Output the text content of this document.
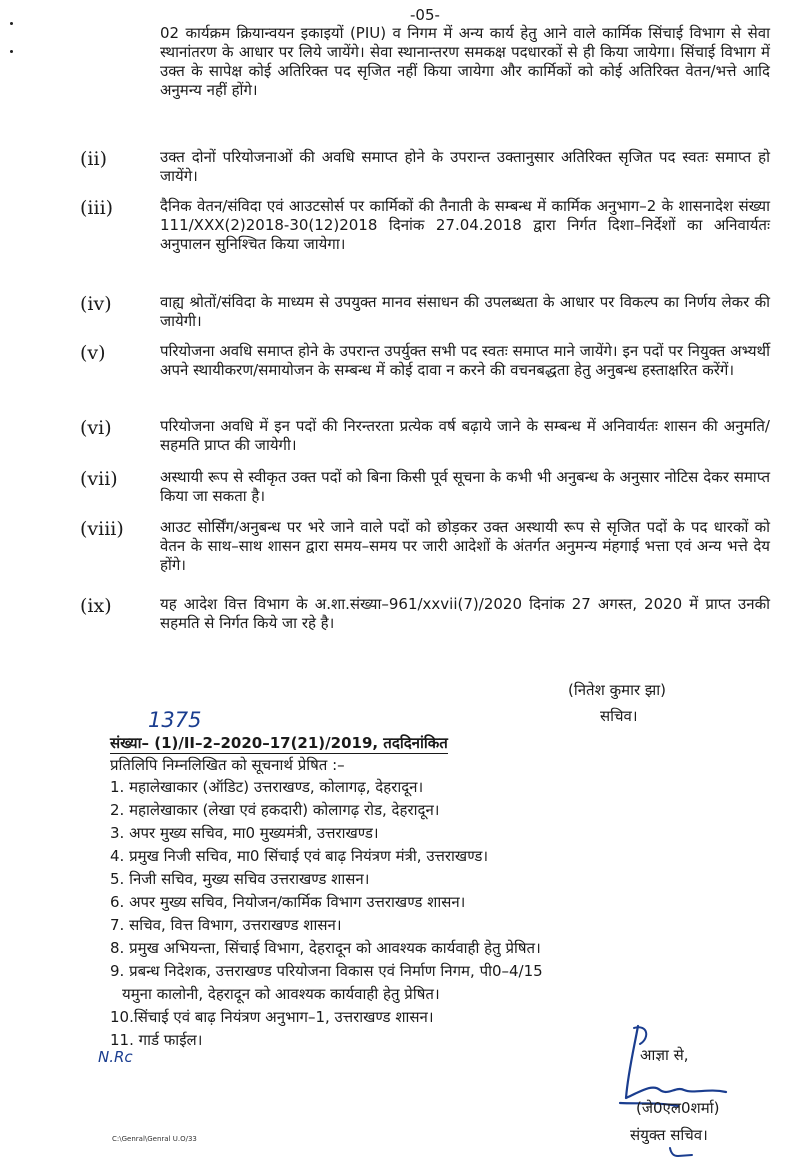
-05-
02 कार्यक्रम क्रियान्वयन इकाइयों (PIU) व निगम में अन्य कार्य हेतु आने वाले कार्मिक सिंचाई विभाग से सेवा स्थानांतरण के आधार पर लिये जायेंगे। सेवा स्थानान्तरण समकक्ष पदधारकों से ही किया जायेगा। सिंचाई विभाग में उक्त के सापेक्ष कोई अतिरिक्त पद सृजित नहीं किया जायेगा और कार्मिकों को कोई अतिरिक्त वेतन/भत्ते आदि अनुमन्य नहीं होंगे।
(ii)	उक्त दोनों परियोजनाओं की अवधि समाप्त होने के उपरान्त उक्तानुसार अतिरिक्त सृजित पद स्वतः समाप्त हो जायेंगे।
(iii)	दैनिक वेतन/संविदा एवं आउटसोर्स पर कार्मिकों की तैनाती के सम्बन्ध में कार्मिक अनुभाग–2 के शासनादेश संख्या 111/XXX(2)2018-30(12)2018 दिनांक 27.04.2018 द्वारा निर्गत दिशा–निर्देशों का अनिवार्यतः अनुपालन सुनिश्चित किया जायेगा।
(iv)	वाह्य श्रोतों/संविदा के माध्यम से उपयुक्त मानव संसाधन की उपलब्धता के आधार पर विकल्प का निर्णय लेकर की जायेगी।
(v)	परियोजना अवधि समाप्त होने के उपरान्त उपर्युक्त सभी पद स्वतः समाप्त माने जायेंगे। इन पदों पर नियुक्त अभ्यर्थी अपने स्थायीकरण/समायोजन के सम्बन्ध में कोई दावा न करने की वचनबद्धता हेतु अनुबन्ध हस्ताक्षरित करेंगें।
(vi)	परियोजना अवधि में इन पदों की निरन्तरता प्रत्येक वर्ष बढ़ाये जाने के सम्बन्ध में अनिवार्यतः शासन की अनुमति/सहमति प्राप्त की जायेगी।
(vii)	अस्थायी रूप से स्वीकृत उक्त पदों को बिना किसी पूर्व सूचना के कभी भी अनुबन्ध के अनुसार नोटिस देकर समाप्त किया जा सकता है।
(viii)	आउट सोर्सिंग/अनुबन्ध पर भरे जाने वाले पदों को छोड़कर उक्त अस्थायी रूप से सृजित पदों के पद धारकों को वेतन के साथ–साथ शासन द्वारा समय–समय पर जारी आदेशों के अंतर्गत अनुमन्य मंहगाई भत्ता एवं अन्य भत्ते देय होंगे।
(ix)	यह आदेश वित्त विभाग के अ.शा.संख्या–961/xxvii(7)/2020 दिनांक 27 अगस्त, 2020 में प्राप्त उनकी सहमति से निर्गत किये जा रहे है।
(नितेश कुमार झा)
सचिव।
1375
संख्या– (1)/II–2–2020–17(21)/2019, तददिनांकित
प्रतिलिपि निम्नलिखित को सूचनार्थ प्रेषित :–
1. महालेखाकार (ऑडिट) उत्तराखण्ड, कोलागढ़, देहरादून।
2. महालेखाकार (लेखा एवं हकदारी) कोलागढ़ रोड, देहरादून।
3. अपर मुख्य सचिव, मा0 मुख्यमंत्री, उत्तराखण्ड।
4. प्रमुख निजी सचिव, मा0 सिंचाई एवं बाढ़ नियंत्रण मंत्री, उत्तराखण्ड।
5. निजी सचिव, मुख्य सचिव उत्तराखण्ड शासन।
6. अपर मुख्य सचिव, नियोजन/कार्मिक विभाग उत्तराखण्ड शासन।
7. सचिव, वित्त विभाग, उत्तराखण्ड शासन।
8. प्रमुख अभियन्ता, सिंचाई विभाग, देहरादून को आवश्यक कार्यवाही हेतु प्रेषित।
9. प्रबन्ध निदेशक, उत्तराखण्ड परियोजना विकास एवं निर्माण निगम, पी0–4/15
यमुना कालोनी, देहरादून को आवश्यक कार्यवाही हेतु प्रेषित।
10.सिंचाई एवं बाढ़ नियंत्रण अनुभाग–1, उत्तराखण्ड शासन।
11. गार्ड फाईल।
N.Rc	आज्ञा से,
(जे0एल0शर्मा)
संयुक्त सचिव।
C:\Genral\Genral U.O/33
